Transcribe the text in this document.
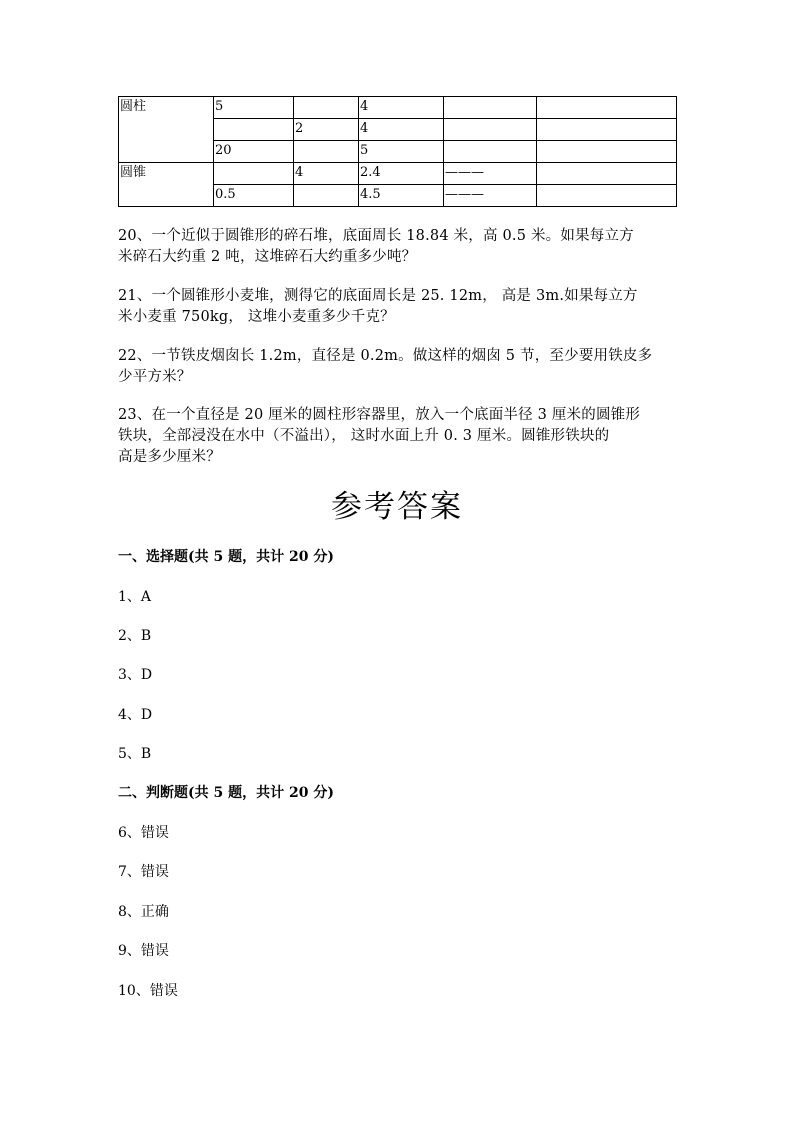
圆柱	5		4		
		2	4		
	20		5		
圆锥		4	2.4	———	
	0.5		4.5	———	
20、一个近似于圆锥形的碎石堆，底面周长 18.84 米，高 0.5 米。如果每立方
米碎石大约重 2 吨，这堆碎石大约重多少吨？
21、一个圆锥形小麦堆，测得它的底面周长是 25. 12m， 高是 3m.如果每立方
米小麦重 750kg， 这堆小麦重多少千克？
22、一节铁皮烟囱长 1.2m，直径是 0.2m。做这样的烟囱 5 节，至少要用铁皮多
少平方米？
23、在一个直径是 20 厘米的圆柱形容器里，放入一个底面半径 3 厘米的圆锥形
铁块，全部浸没在水中（不溢出）， 这时水面上升 0. 3 厘米。圆锥形铁块的
高是多少厘米？
参考答案
一、选择题(共 5 题，共计 20 分)
1、A
2、B
3、D
4、D
5、B
二、判断题(共 5 题，共计 20 分)
6、错误
7、错误
8、正确
9、错误
10、错误
